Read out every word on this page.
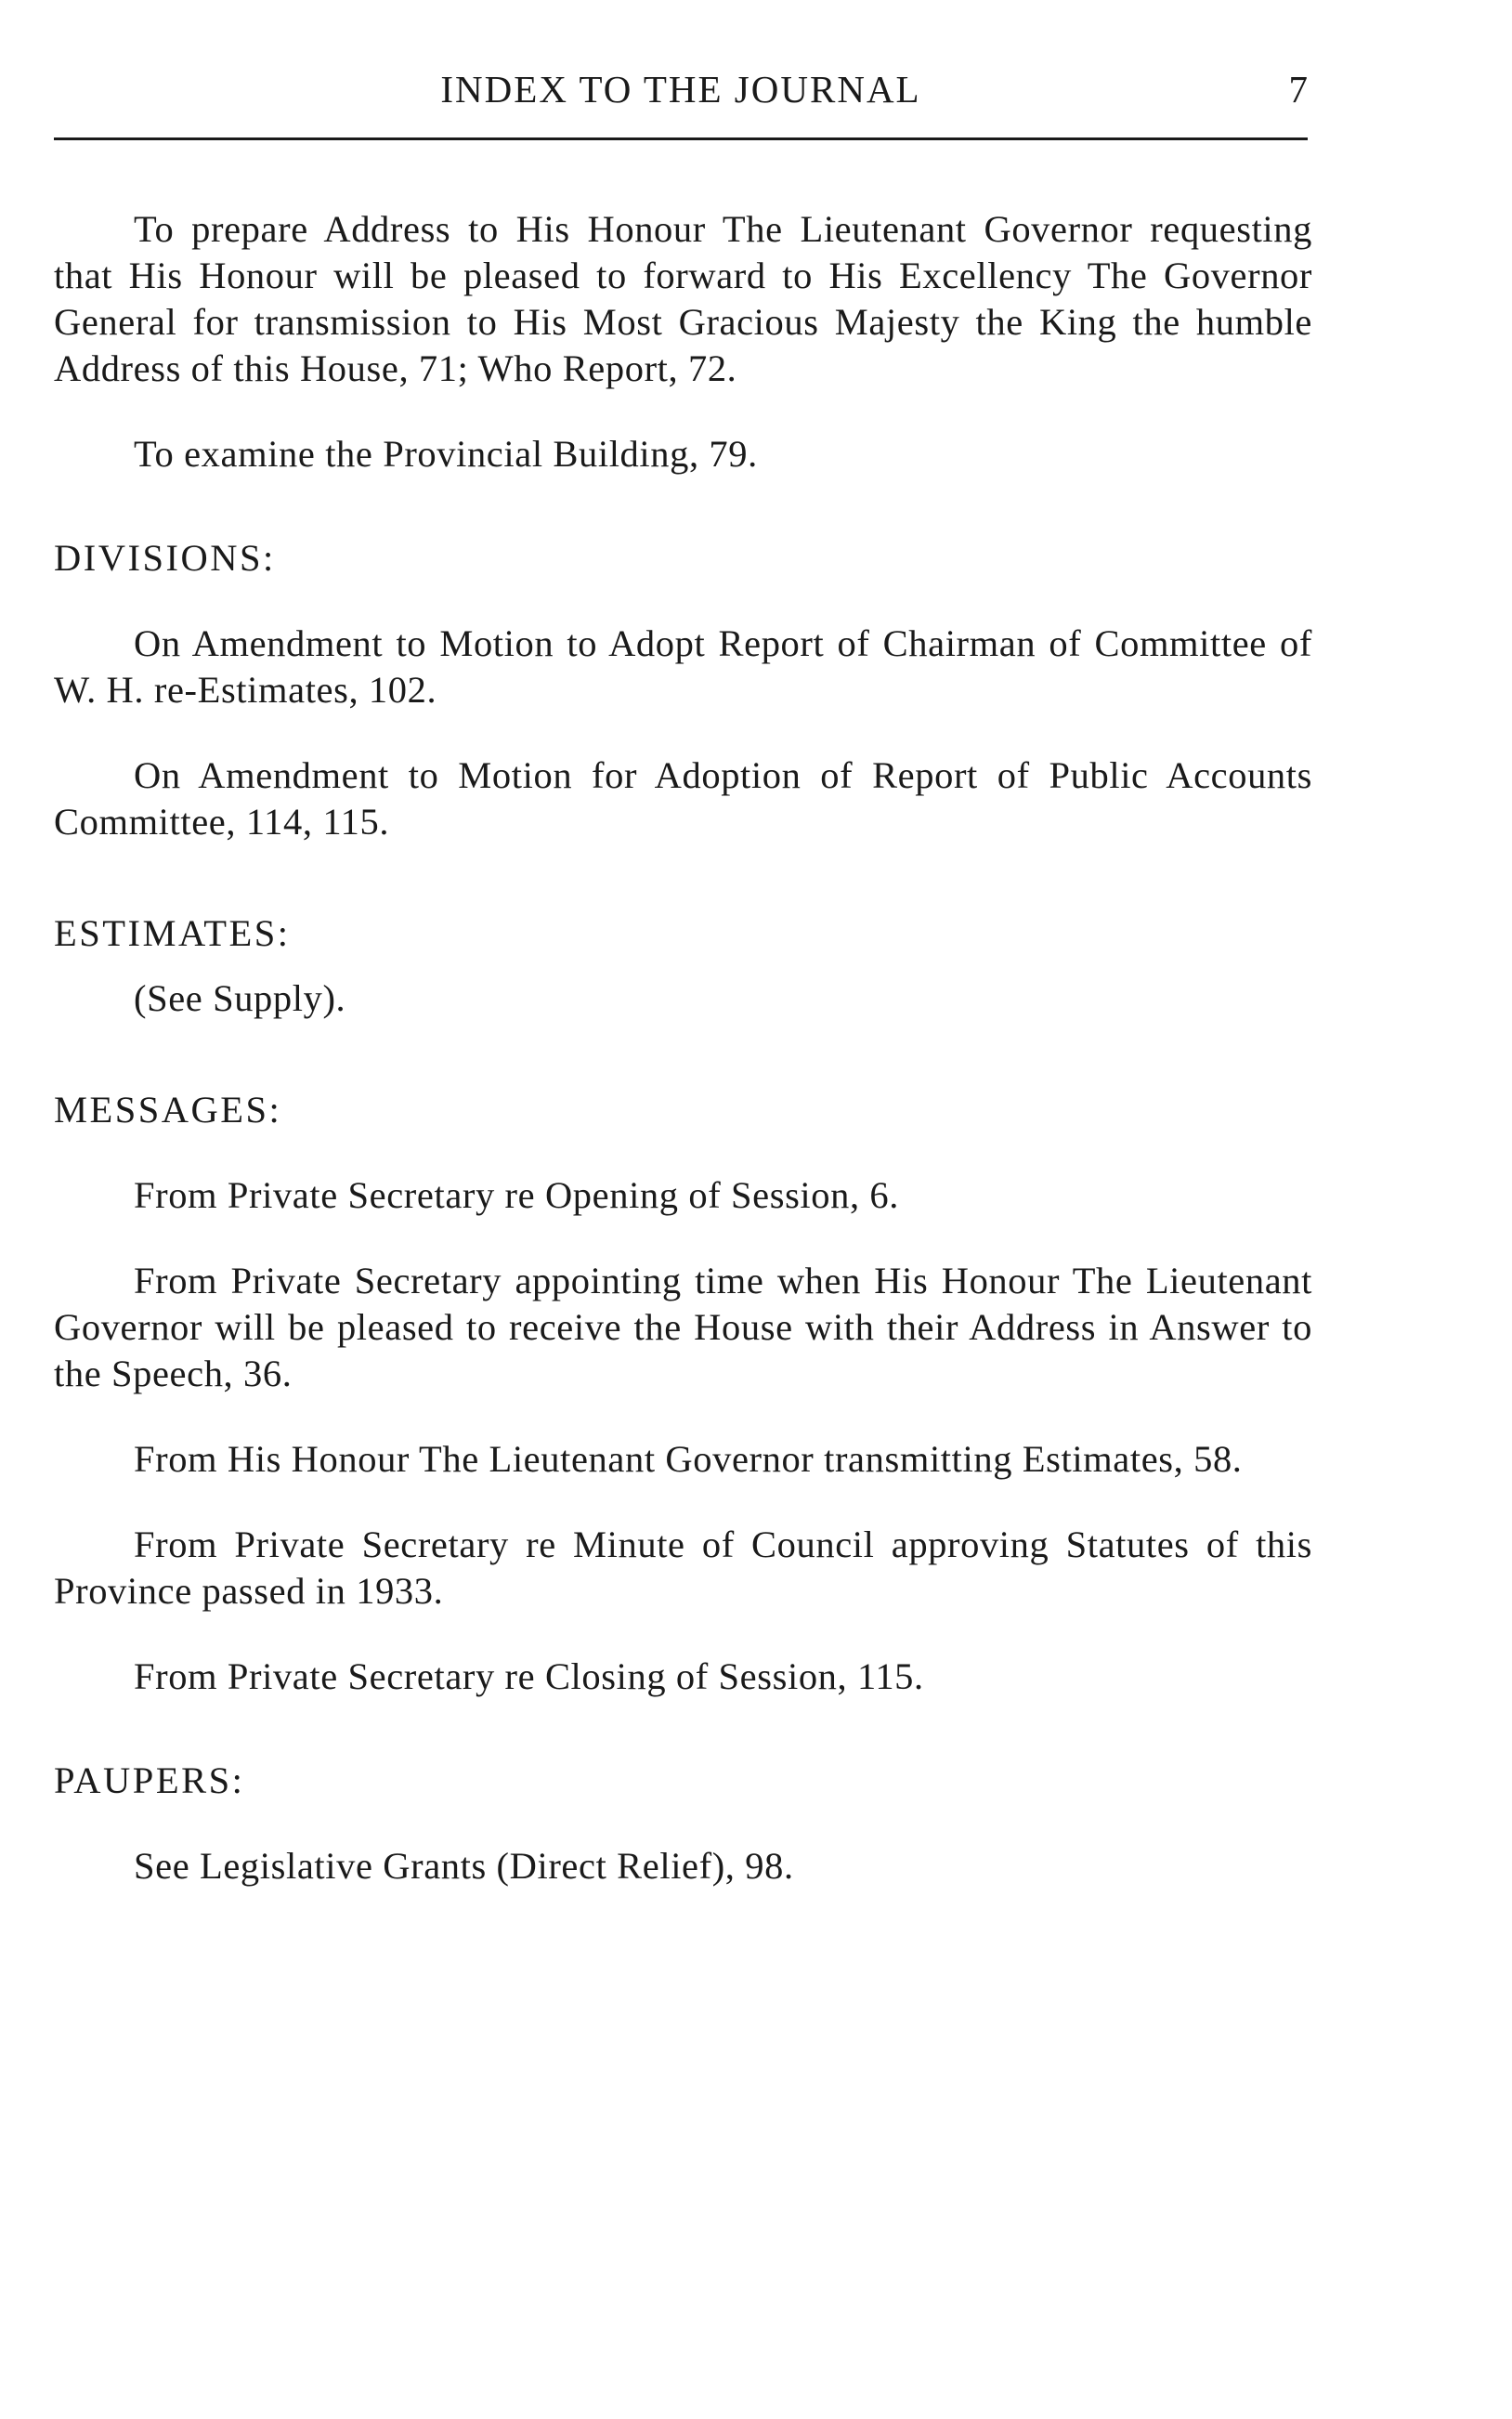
INDEX TO THE JOURNAL	7

To prepare Address to His Honour The Lieutenant Governor requesting that His Honour will be pleased to forward to His Excellency The Governor General for transmission to His Most Gracious Majesty the King the humble Address of this House, 71; Who Report, 72.

To examine the Provincial Building, 79.

DIVISIONS:

On Amendment to Motion to Adopt Report of Chairman of Committee of W. H. re-Estimates, 102.

On Amendment to Motion for Adoption of Report of Public Accounts Committee, 114, 115.

ESTIMATES:

(See Supply).

MESSAGES:

From Private Secretary re Opening of Session, 6.

From Private Secretary appointing time when His Honour The Lieutenant Governor will be pleased to receive the House with their Address in Answer to the Speech, 36.

From His Honour The Lieutenant Governor transmitting Estimates, 58.

From Private Secretary re Minute of Council approving Statutes of this Province passed in 1933.

From Private Secretary re Closing of Session, 115.

PAUPERS:

See Legislative Grants (Direct Relief), 98.
